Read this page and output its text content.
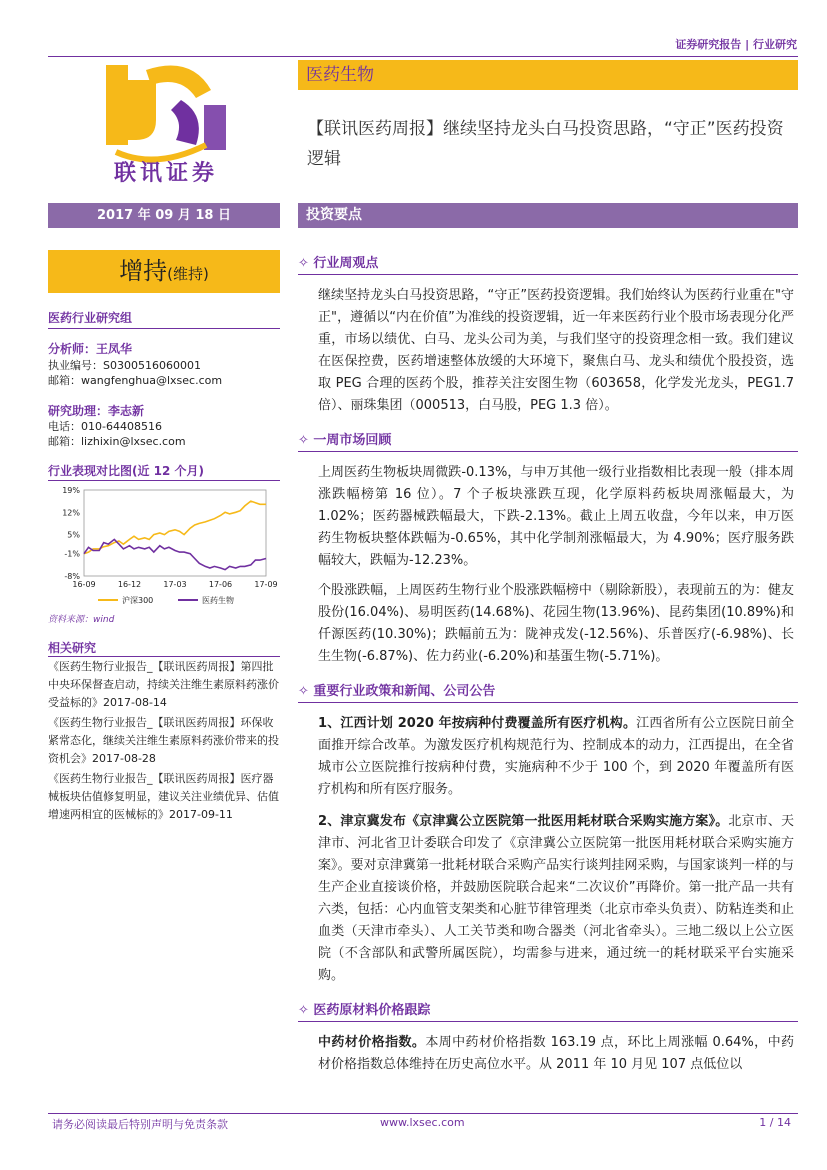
证券研究报告 | 行业研究
联讯证券
医药生物
【联讯医药周报】继续坚持龙头白马投资思路，“守正”医药投资逻辑
2017 年 09 月 18 日	投资要点
增持(维持)
医药行业研究组
分析师：王凤华
执业编号：S0300516060001
邮箱：wangfenghua@lxsec.com
研究助理：李志新
电话：010-64408516
邮箱：lizhixin@lxsec.com
行业表现对比图(近 12 个月)
19%
12%
5%
-1%
-8%
16-09	16-12	17-03	17-06	17-09
沪深300	医药生物
资料来源：wind
相关研究
《医药生物行业报告_【联讯医药周报】第四批中央环保督查启动，持续关注维生素原料药涨价受益标的》2017-08-14
《医药生物行业报告_【联讯医药周报】环保收紧常态化，继续关注维生素原料药涨价带来的投资机会》2017-08-28
《医药生物行业报告_【联讯医药周报】医疗器械板块估值修复明显，建议关注业绩优异、估值增速两相宜的医械标的》2017-09-11
✧ 行业周观点
继续坚持龙头白马投资思路，“守正”医药投资逻辑。我们始终认为医药行业重在"守正"，遵循以“内在价值”为准线的投资逻辑，近一年来医药行业个股市场表现分化严重，市场以绩优、白马、龙头公司为美，与我们坚守的投资理念相一致。我们建议在医保控费，医药增速整体放缓的大环境下，聚焦白马、龙头和绩优个股投资，选取 PEG 合理的医药个股，推荐关注安图生物（603658，化学发光龙头，PEG1.7 倍）、丽珠集团（000513，白马股，PEG 1.3 倍）。
✧ 一周市场回顾
上周医药生物板块周微跌-0.13%，与申万其他一级行业指数相比表现一般（排本周涨跌幅榜第 16 位）。7 个子板块涨跌互现，化学原料药板块周涨幅最大，为 1.02%；医药器械跌幅最大，下跌-2.13%。截止上周五收盘，今年以来，申万医药生物板块整体跌幅为-0.65%，其中化学制剂涨幅最大，为 4.90%；医疗服务跌幅较大，跌幅为-12.23%。
个股涨跌幅，上周医药生物行业个股涨跌幅榜中（剔除新股），表现前五的为：健友股份(16.04%)、易明医药(14.68%)、花园生物(13.96%)、昆药集团(10.89%)和仟源医药(10.30%)；跌幅前五为：陇神戎发(-12.56%)、乐普医疗(-6.98%)、长生生物(-6.87%)、佐力药业(-6.20%)和基蛋生物(-5.71%)。
✧ 重要行业政策和新闻、公司公告
1、江西计划 2020 年按病种付费覆盖所有医疗机构。江西省所有公立医院日前全面推开综合改革。为激发医疗机构规范行为、控制成本的动力，江西提出，在全省城市公立医院推行按病种付费，实施病种不少于 100 个，到 2020 年覆盖所有医疗机构和所有医疗服务。
2、津京冀发布《京津冀公立医院第一批医用耗材联合采购实施方案》。北京市、天津市、河北省卫计委联合印发了《京津冀公立医院第一批医用耗材联合采购实施方案》。要对京津冀第一批耗材联合采购产品实行谈判挂网采购，与国家谈判一样的与生产企业直接谈价格，并鼓励医院联合起来“二次议价”再降价。第一批产品一共有六类，包括：心内血管支架类和心脏节律管理类（北京市牵头负责）、防粘连类和止血类（天津市牵头）、人工关节类和吻合器类（河北省牵头）。三地二级以上公立医院（不含部队和武警所属医院），均需参与进来，通过统一的耗材联采平台实施采购。
✧ 医药原材料价格跟踪
中药材价格指数。本周中药材价格指数 163.19 点，环比上周涨幅 0.64%，中药材价格指数总体维持在历史高位水平。从 2011 年 10 月见 107 点低位以
请务必阅读最后特别声明与免责条款	www.lxsec.com	1 / 14
